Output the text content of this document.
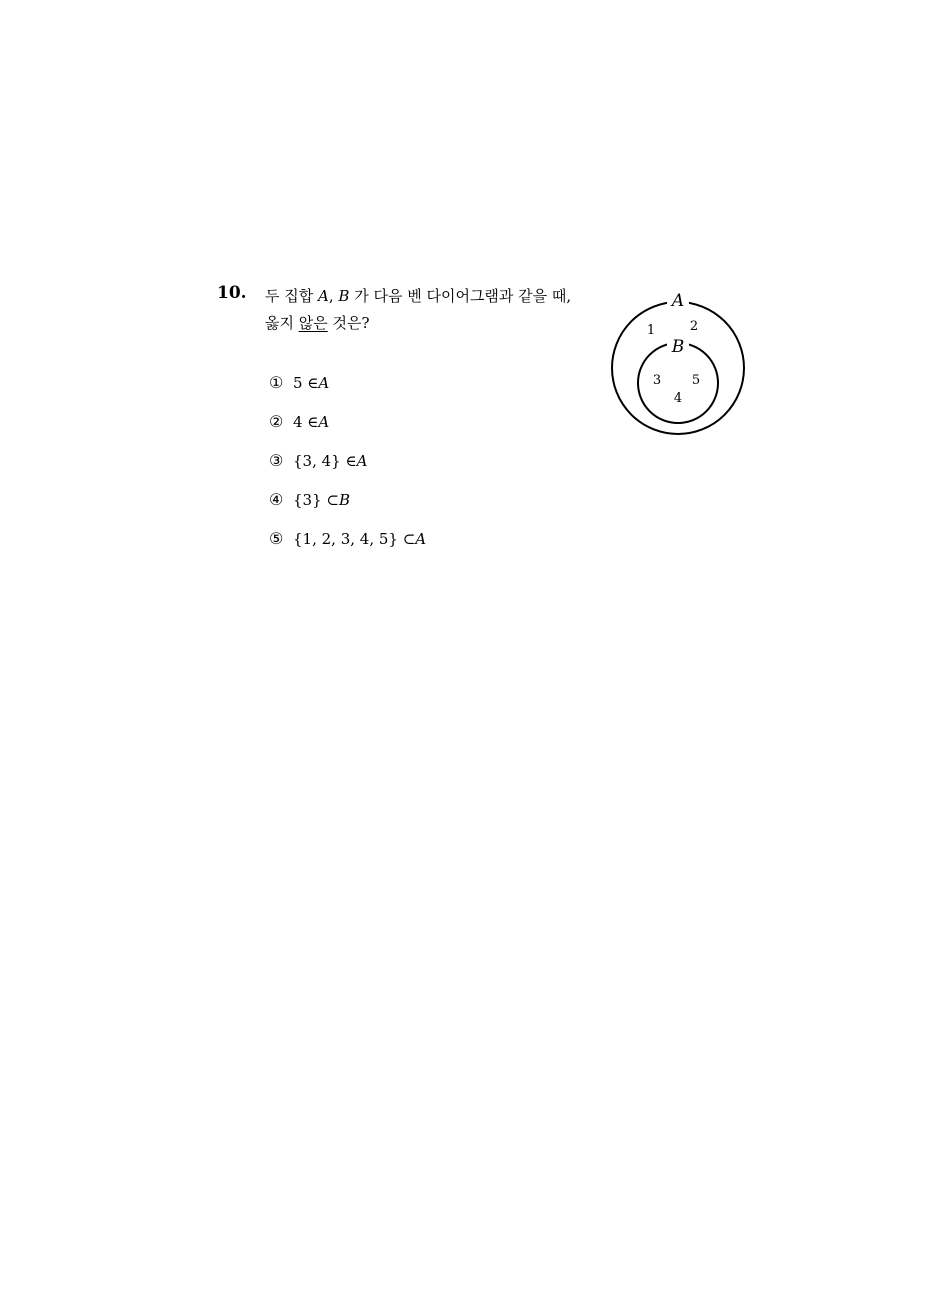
10. 두 집합 A, B 가 다음 벤 다이어그램과 같을 때,
옳지 않은 것은?
① 5 ∈ A
② 4 ∈ A
③ {3, 4} ∈ A
④ {3} ⊂ B
⑤ {1, 2, 3, 4, 5} ⊂ A
A
B
1	2
3 5
4
